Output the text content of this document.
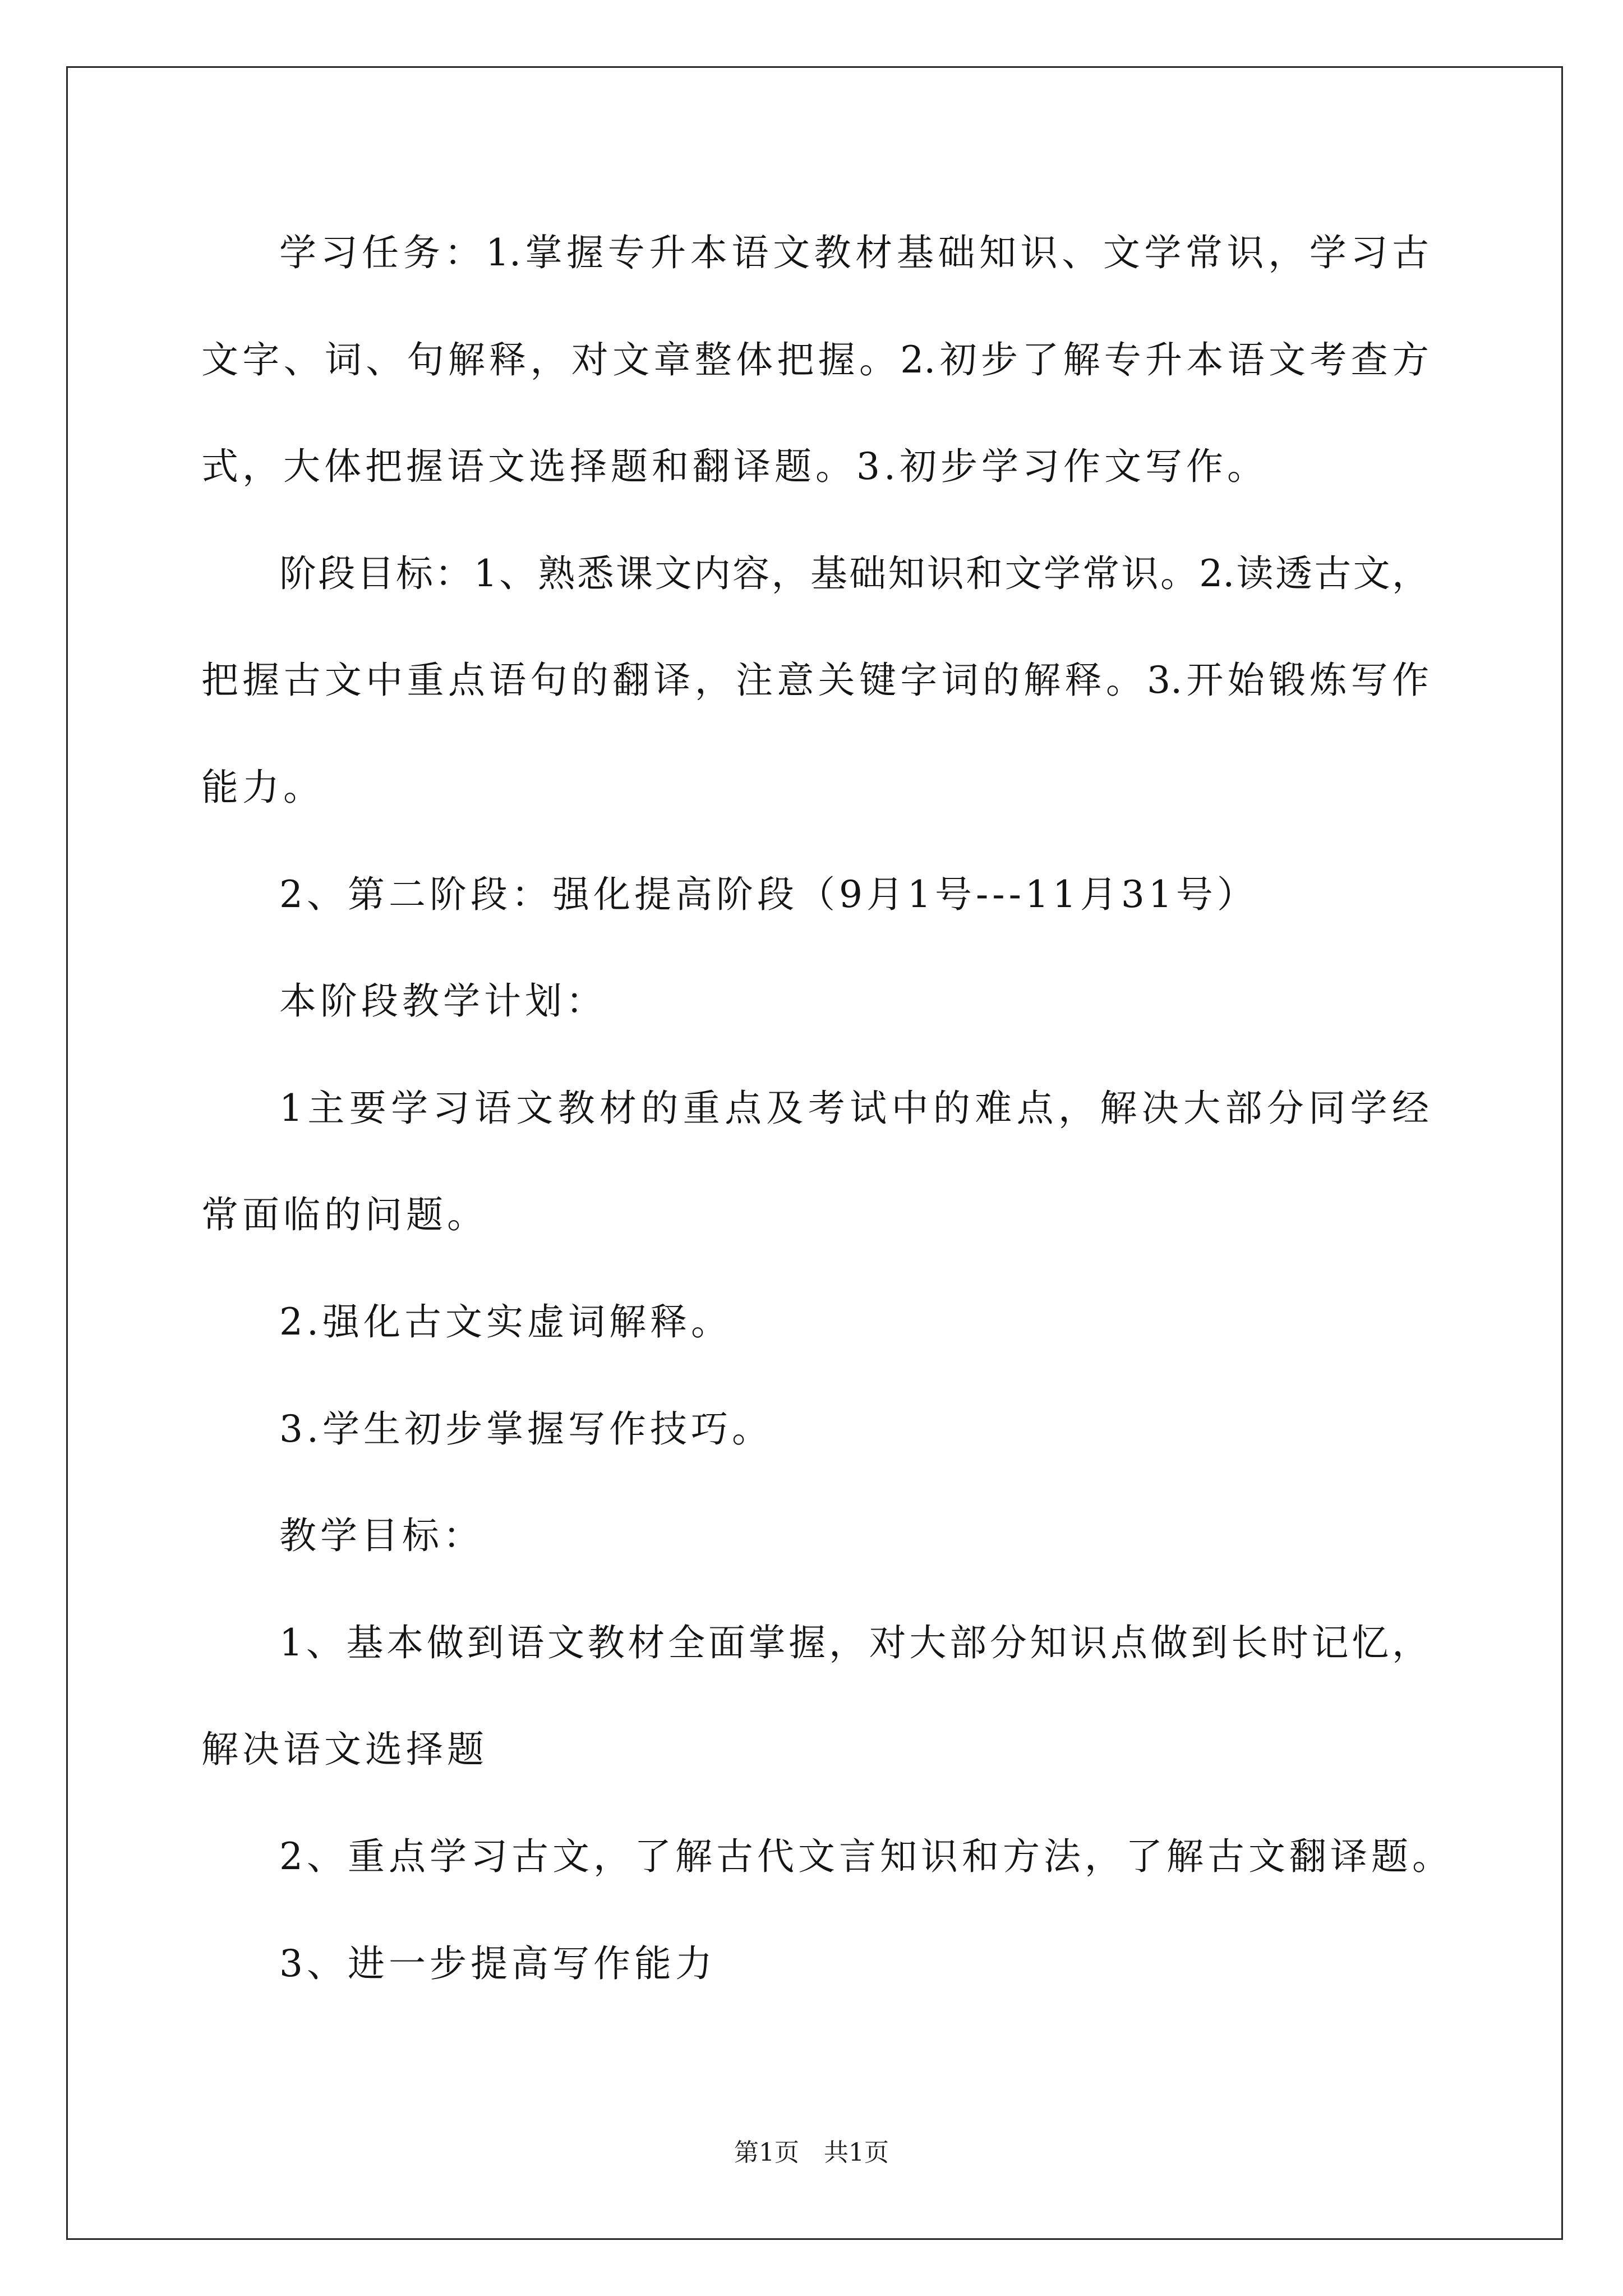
学习任务：1.掌握专升本语文教材基础知识、文学常识，学习古
文字、词、句解释，对文章整体把握。2.初步了解专升本语文考查方
式，大体把握语文选择题和翻译题。3.初步学习作文写作。
阶段目标：1、熟悉课文内容，基础知识和文学常识。2.读透古文，
把握古文中重点语句的翻译，注意关键字词的解释。3.开始锻炼写作
能力。
2、第二阶段：强化提高阶段（9月1号---11月31号）
本阶段教学计划：
1主要学习语文教材的重点及考试中的难点，解决大部分同学经
常面临的问题。
2.强化古文实虚词解释。
3.学生初步掌握写作技巧。
教学目标：
1、基本做到语文教材全面掌握，对大部分知识点做到长时记忆，
解决语文选择题
2、重点学习古文，了解古代文言知识和方法，了解古文翻译题。
3、进一步提高写作能力
第1页　共1页
